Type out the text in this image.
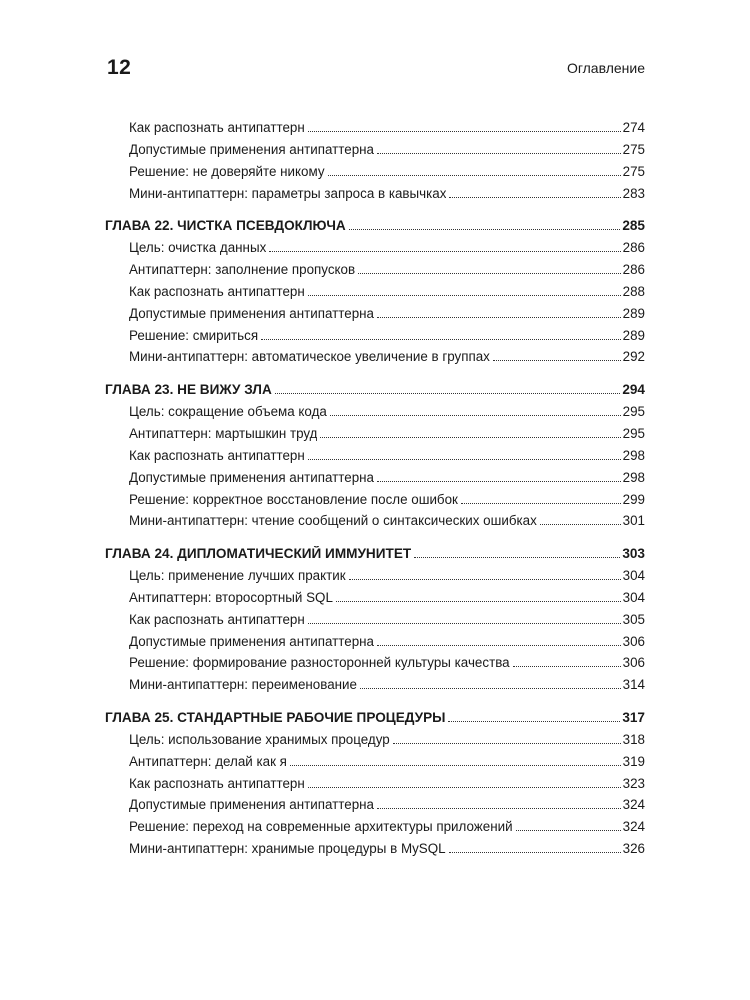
12	Оглавление
Как распознать антипаттерн	274
Допустимые применения антипаттерна	275
Решение: не доверяйте никому	275
Мини-антипаттерн: параметры запроса в кавычках	283
ГЛАВА 22. ЧИСТКА ПСЕВДОКЛЮЧА	285
Цель: очистка данных	286
Антипаттерн: заполнение пропусков	286
Как распознать антипаттерн	288
Допустимые применения антипаттерна	289
Решение: смириться	289
Мини-антипаттерн: автоматическое увеличение в группах	292
ГЛАВА 23. НЕ ВИЖУ ЗЛА	294
Цель: сокращение объема кода	295
Антипаттерн: мартышкин труд	295
Как распознать антипаттерн	298
Допустимые применения антипаттерна	298
Решение: корректное восстановление после ошибок	299
Мини-антипаттерн: чтение сообщений о синтаксических ошибках	301
ГЛАВА 24. ДИПЛОМАТИЧЕСКИЙ ИММУНИТЕТ	303
Цель: применение лучших практик	304
Антипаттерн: второсортный SQL	304
Как распознать антипаттерн	305
Допустимые применения антипаттерна	306
Решение: формирование разносторонней культуры качества	306
Мини-антипаттерн: переименование	314
ГЛАВА 25. СТАНДАРТНЫЕ РАБОЧИЕ ПРОЦЕДУРЫ	317
Цель: использование хранимых процедур	318
Антипаттерн: делай как я	319
Как распознать антипаттерн	323
Допустимые применения антипаттерна	324
Решение: переход на современные архитектуры приложений	324
Мини-антипаттерн: хранимые процедуры в MySQL	326
